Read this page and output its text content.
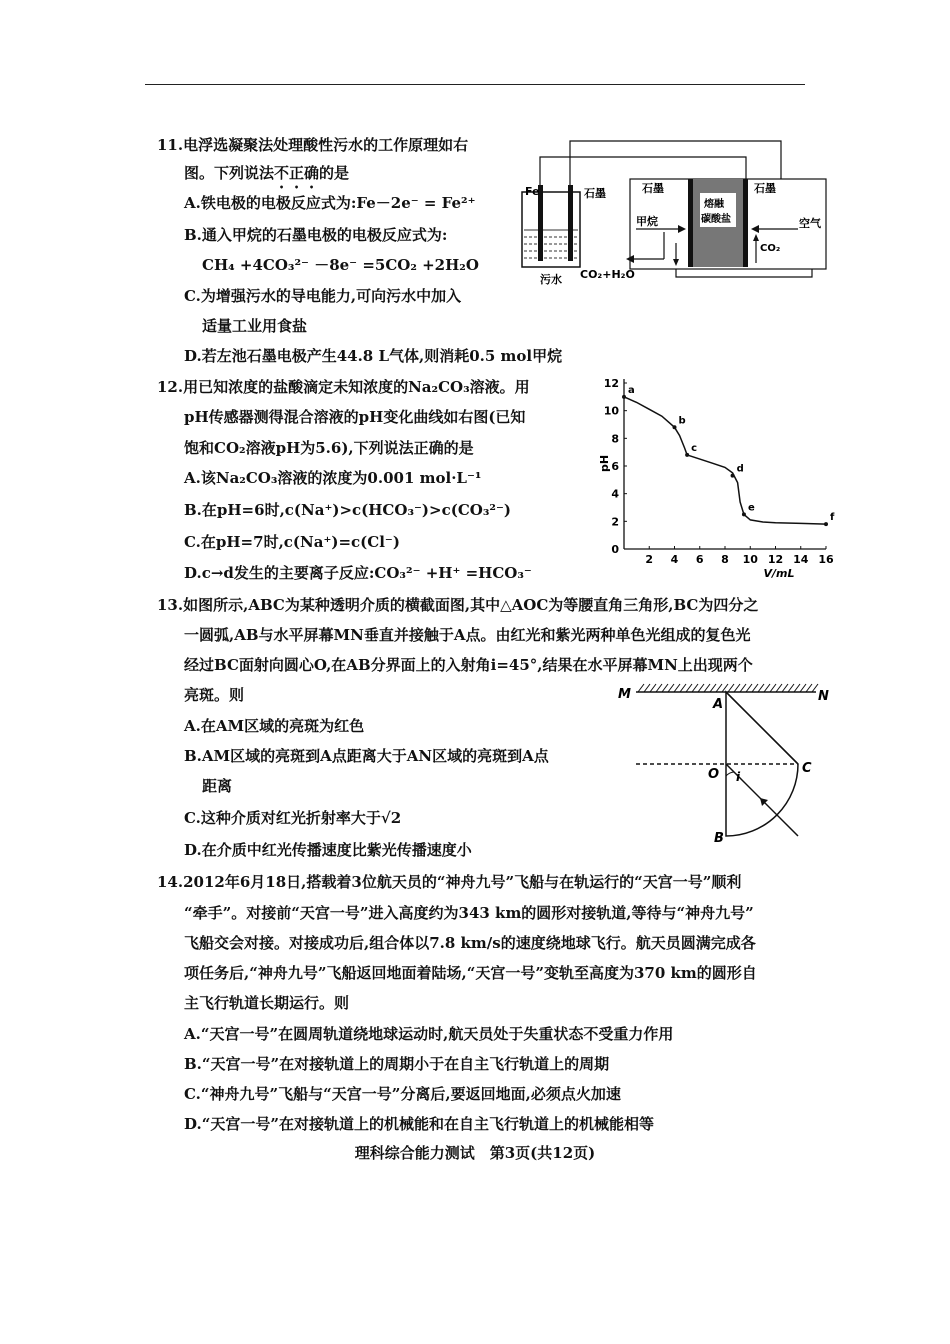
11.电浮选凝聚法处理酸性污水的工作原理如右
图。下列说法不正确的是
A.铁电极的电极反应式为:Fe－2e⁻ = Fe²⁺
B.通入甲烷的石墨电极的电极反应式为:
CH₄ +4CO₃²⁻ －8e⁻ =5CO₂ +2H₂O
C.为增强污水的导电能力,可向污水中加入
适量工业用食盐
D.若左池石墨电极产生44.8 L气体,则消耗0.5 mol甲烷
Fe	石墨
污水
石墨	石墨
熔融
碳酸盐
甲烷	空气
CO₂
CO₂+H₂O
12.用已知浓度的盐酸滴定未知浓度的Na₂CO₃溶液。用
pH传感器测得混合溶液的pH变化曲线如右图(已知
饱和CO₂溶液pH为5.6),下列说法正确的是
A.该Na₂CO₃溶液的浓度为0.001 mol·L⁻¹
B.在pH=6时,c(Na⁺)>c(HCO₃⁻)>c(CO₃²⁻)
C.在pH=7时,c(Na⁺)=c(Cl⁻)
D.c→d发生的主要离子反应:CO₃²⁻ +H⁺ =HCO₃⁻
2 4 6 8 10 12 14 16
0
2
4
6
8
10
12
a
b
c
d
e
f
V/mL
pH
13.如图所示,ABC为某种透明介质的横截面图,其中△AOC为等腰直角三角形,BC为四分之
一圆弧,AB与水平屏幕MN垂直并接触于A点。由红光和紫光两种单色光组成的复色光
经过BC面射向圆心O,在AB分界面上的入射角i=45°,结果在水平屏幕MN上出现两个
亮斑。则
A.在AM区域的亮斑为红色
B.AM区域的亮斑到A点距离大于AN区域的亮斑到A点
距离
C.这种介质对红光折射率大于√2
D.在介质中红光传播速度比紫光传播速度小
M	N
A
O	C
B
i
14.2012年6月18日,搭载着3位航天员的“神舟九号”飞船与在轨运行的“天宫一号”顺利
“牵手”。对接前“天宫一号”进入高度约为343 km的圆形对接轨道,等待与“神舟九号”
飞船交会对接。对接成功后,组合体以7.8 km/s的速度绕地球飞行。航天员圆满完成各
项任务后,“神舟九号”飞船返回地面着陆场,“天宫一号”变轨至高度为370 km的圆形自
主飞行轨道长期运行。则
A.“天宫一号”在圆周轨道绕地球运动时,航天员处于失重状态不受重力作用
B.“天宫一号”在对接轨道上的周期小于在自主飞行轨道上的周期
C.“神舟九号”飞船与“天宫一号”分离后,要返回地面,必须点火加速
D.“天宫一号”在对接轨道上的机械能和在自主飞行轨道上的机械能相等
理科综合能力测试　第3页(共12页)
